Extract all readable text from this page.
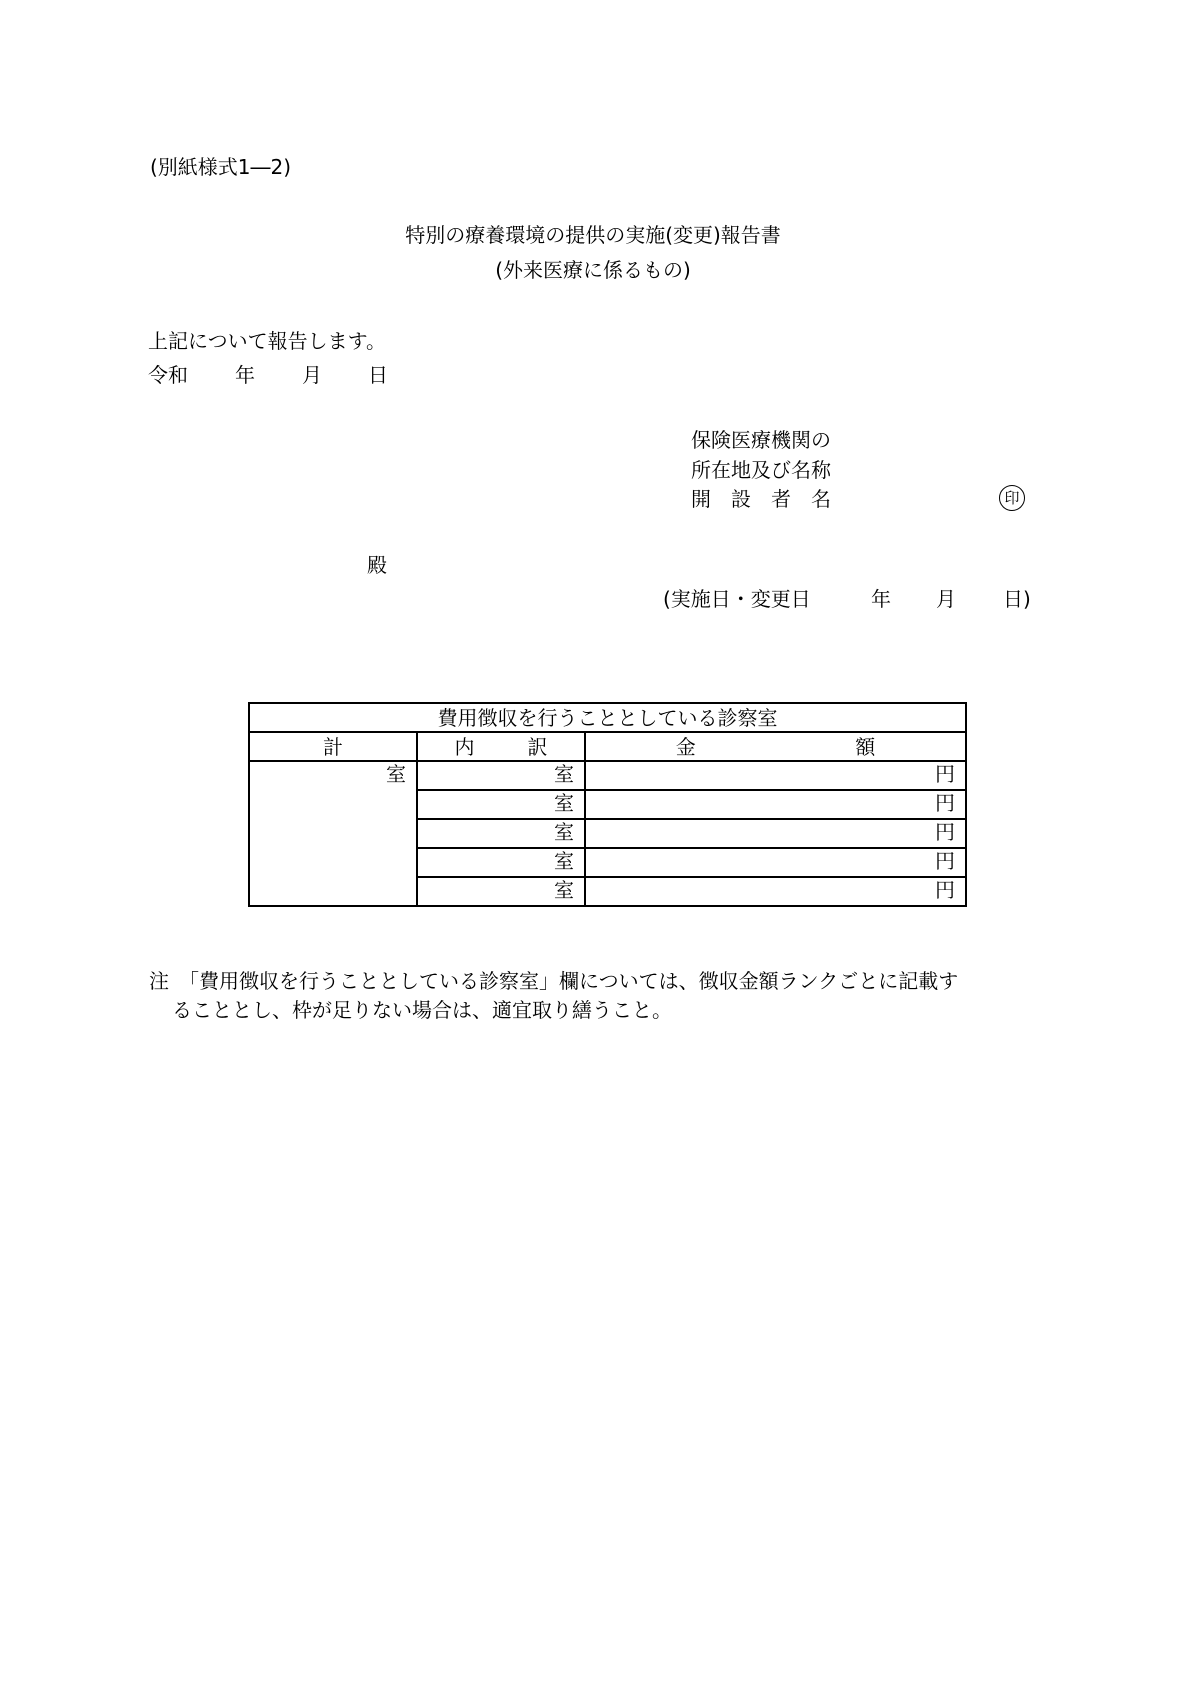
(別紙様式1―2)
特別の療養環境の提供の実施(変更)報告書
(外来医療に係るもの)
上記について報告します。
令和 年 月 日
保険医療機関の
所在地及び名称
開　設　者　名	印
殿
(実施日・変更日	年 月 日)
費用徴収を行うこととしている診察室		
計	内 訳	金 額

室	室	円
	室	円
	室	円
	室	円
	室	円
注　「費用徴収を行うこととしている診察室」欄については、徴収金額ランクごとに記載す
ることとし、枠が足りない場合は、適宜取り繕うこと。
